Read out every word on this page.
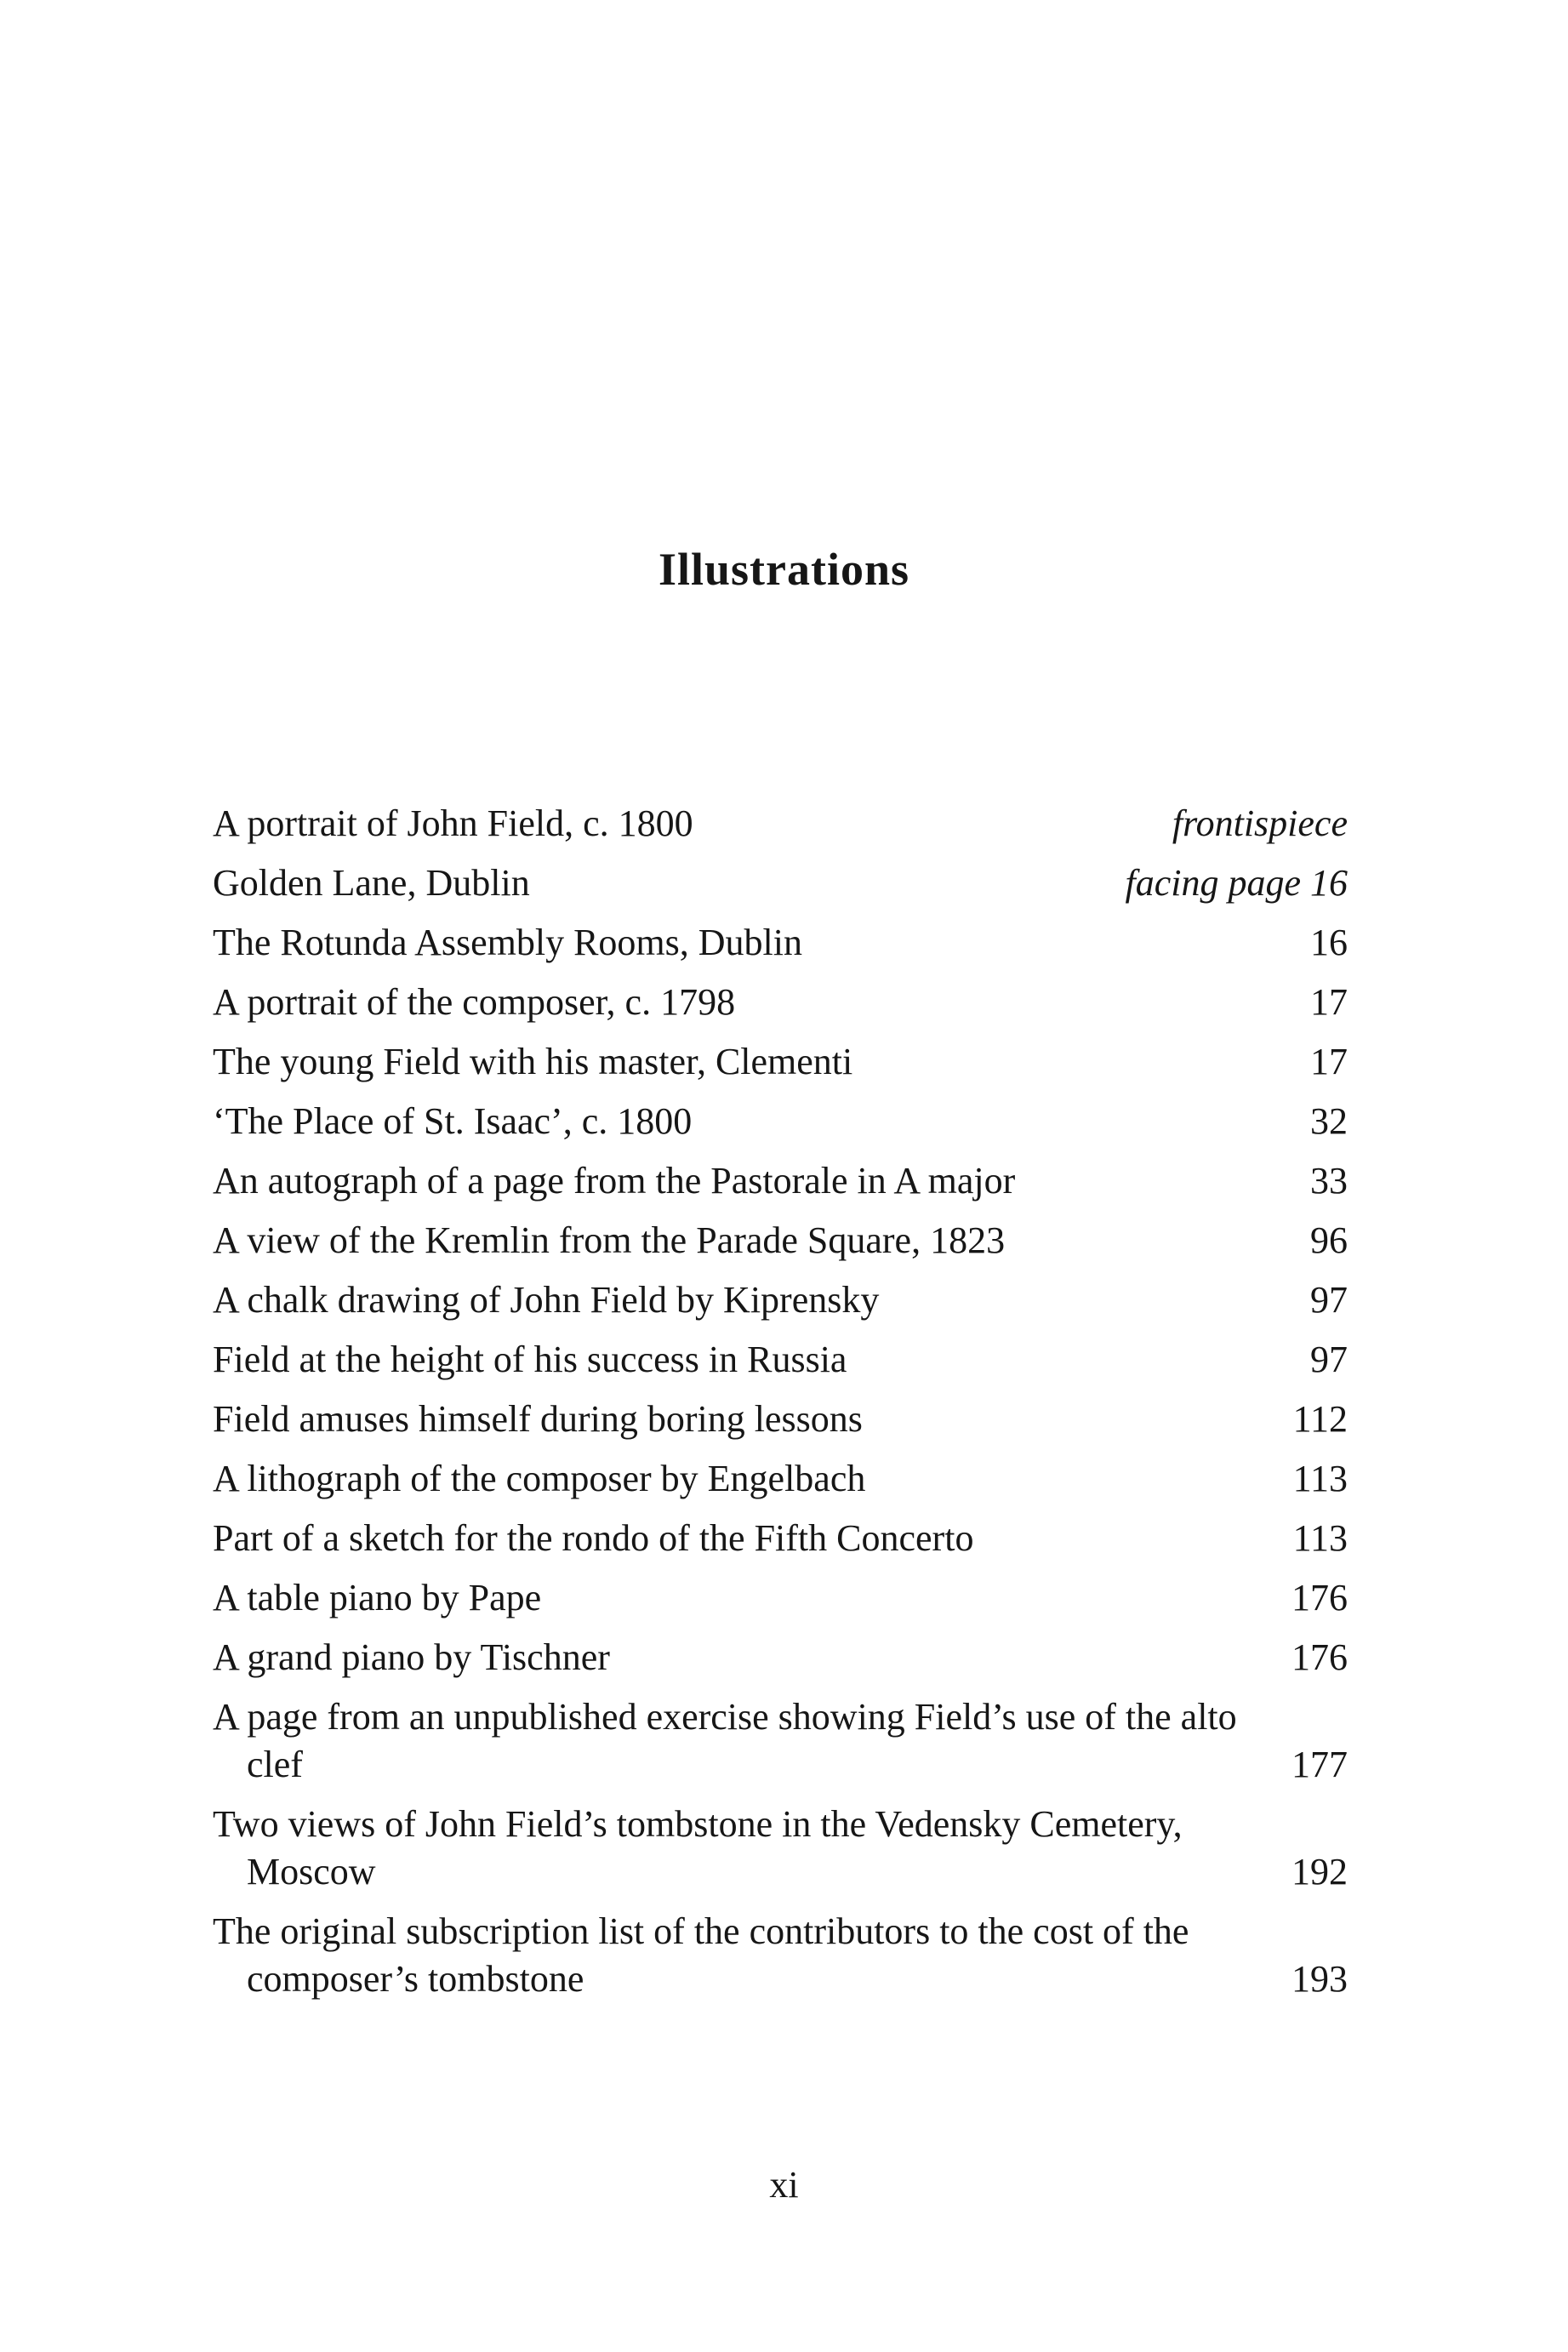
Illustrations
A portrait of John Field, c. 1800	frontispiece
Golden Lane, Dublin	facing page 16
The Rotunda Assembly Rooms, Dublin	16
A portrait of the composer, c. 1798	17
The young Field with his master, Clementi	17
‘The Place of St. Isaac’, c. 1800	32
An autograph of a page from the Pastorale in A major	33
A view of the Kremlin from the Parade Square, 1823	96
A chalk drawing of John Field by Kiprensky	97
Field at the height of his success in Russia	97
Field amuses himself during boring lessons	112
A lithograph of the composer by Engelbach	113
Part of a sketch for the rondo of the Fifth Concerto	113
A table piano by Pape	176
A grand piano by Tischner	176
A page from an unpublished exercise showing Field’s use of the alto clef	177
Two views of John Field’s tombstone in the Vedensky Cemetery, Moscow	192
The original subscription list of the contributors to the cost of the composer’s tombstone	193
xi
